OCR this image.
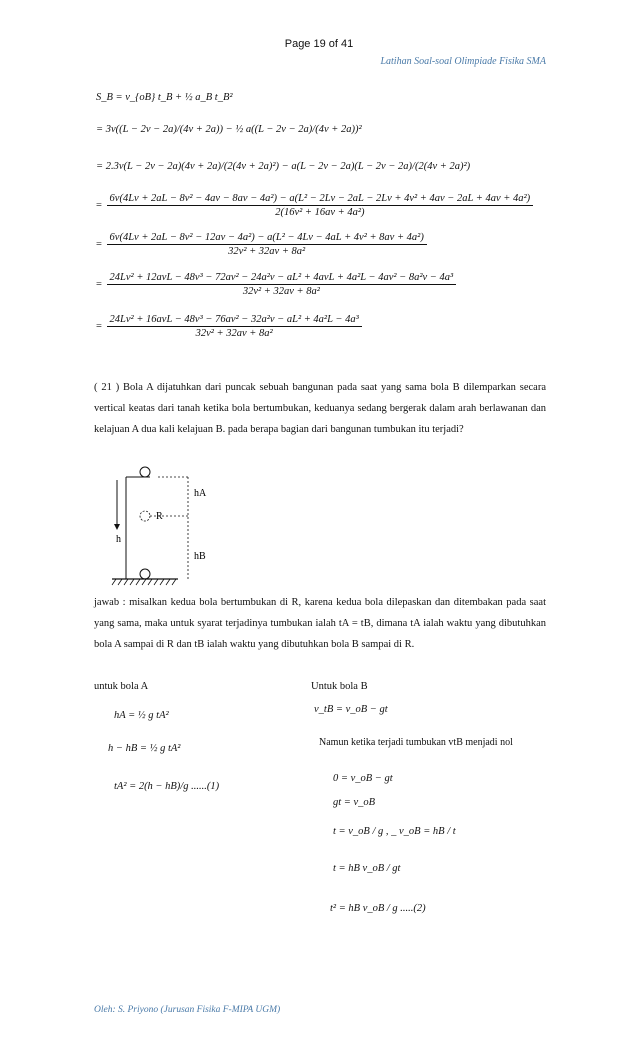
Page 19 of 41
Latihan Soal-soal Olimpiade Fisika SMA
S_B = v_{oB} t_B + ½ a_B t_B²
= 3v((L − 2v − 2a)/(4v + 2a)) − ½ a((L − 2v − 2a)/(4v + 2a))²
= 2.3v(L − 2v − 2a)(4v + 2a)/(2(4v + 2a)²) − a(L − 2v − 2a)(L − 2v − 2a)/(2(4v + 2a)²)
=
6v(4Lv + 2aL − 8v² − 4av − 8av − 4a²) − a(L² − 2Lv − 2aL − 2Lv + 4v² + 4av − 2aL + 4av + 4a²)
2(16v² + 16av + 4a²)
=
6v(4Lv + 2aL − 8v² − 12av − 4a²) − a(L² − 4Lv − 4aL + 4v² + 8av + 4a²)
32v² + 32av + 8a²
=
24Lv² + 12avL − 48v³ − 72av² − 24a²v − aL² + 4avL + 4a²L − 4av² − 8a²v − 4a³
32v² + 32av + 8a²
= $\frac{\text{24Lv² + 16avL − 48v³ − 76av² − 32a²v − aL² + 4a²L − 4a³}}{\text{32v² + 32av + 8a²}}$
( 21 ) Bola A dijatuhkan dari puncak sebuah bangunan pada saat yang sama bola B dilemparkan secara vertical keatas dari tanah ketika bola bertumbukan, keduanya sedang bergerak dalam arah berlawanan dan kelajuan A dua kali kelajuan B. pada berapa bagian dari bangunan tumbukan itu terjadi?
hA
R
h
hB
jawab : misalkan kedua bola bertumbukan di R, karena kedua bola dilepaskan dan ditembakan pada saat yang sama, maka untuk syarat terjadinya tumbukan ialah tA = tB, dimana tA ialah waktu yang dibutuhkan bola A sampai di R dan tB ialah waktu yang dibutuhkan bola B sampai di R.
untuk bola A
hA = ½ g tA²
h − hB = ½ g tA²
tA² = 2(h − hB)/g ......(1)
Untuk bola B
v_tB = v_oB − gt
Namun ketika terjadi tumbukan vtB menjadi nol
0 = v_oB − gt
gt = v_oB
t = v_oB / g , _ v_oB = hB / t
t = hB v_oB / gt
t² = hB v_oB / g .....(2)
Oleh: S. Priyono (Jurusan Fisika F-MIPA UGM)
